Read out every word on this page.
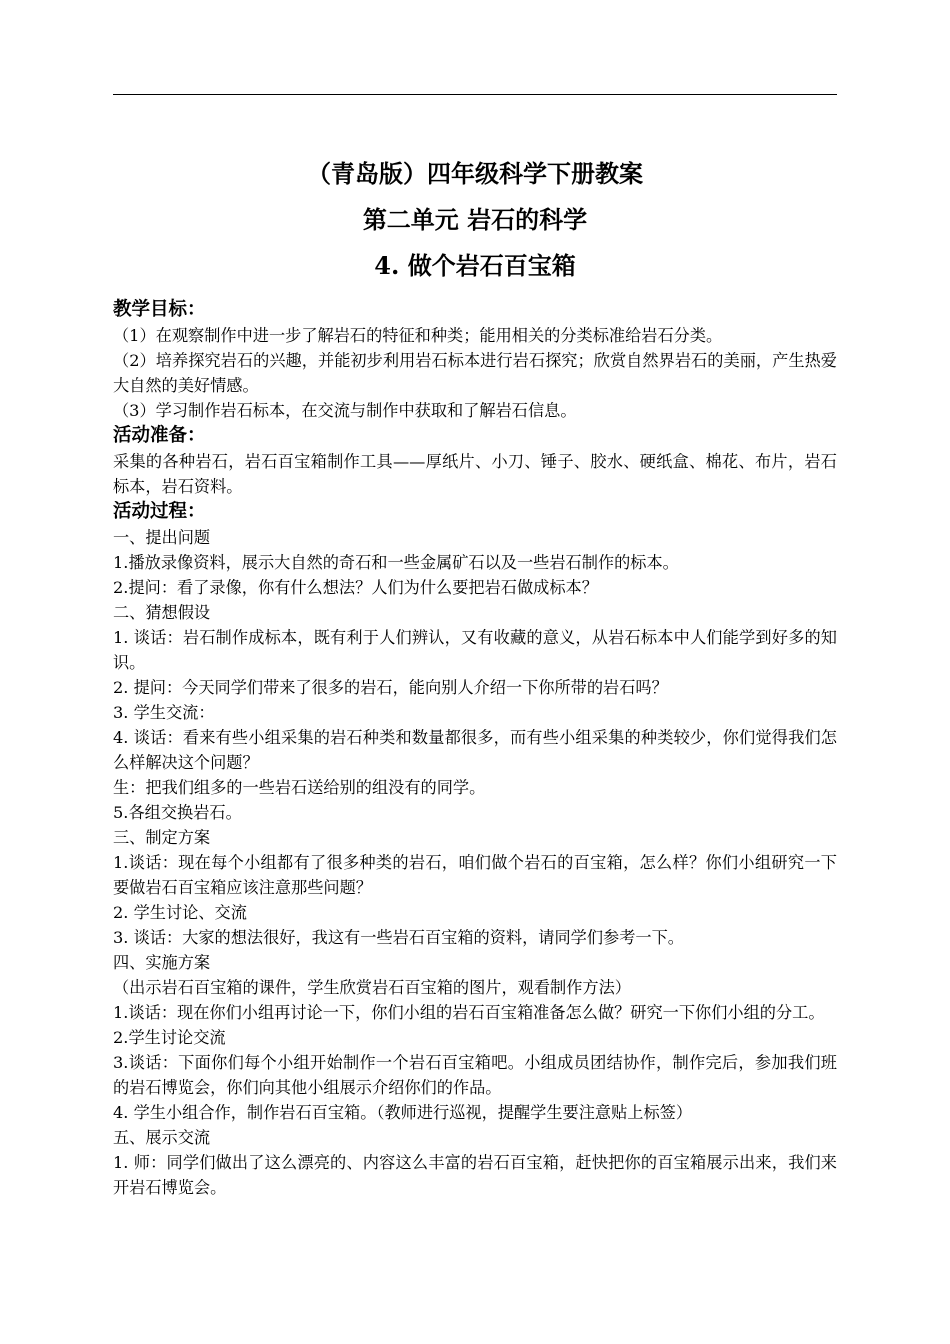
（青岛版）四年级科学下册教案

第二单元 岩石的科学

4. 做个岩石百宝箱

教学目标：

（1）在观察制作中进一步了解岩石的特征和种类；能用相关的分类标准给岩石分类。

（2）培养探究岩石的兴趣，并能初步利用岩石标本进行岩石探究；欣赏自然界岩石的美丽，产生热爱大自然的美好情感。

（3）学习制作岩石标本，在交流与制作中获取和了解岩石信息。

活动准备：

采集的各种岩石，岩石百宝箱制作工具——厚纸片、小刀、锤子、胶水、硬纸盒、棉花、布片，岩石标本，岩石资料。

活动过程：

一、提出问题

1.播放录像资料，展示大自然的奇石和一些金属矿石以及一些岩石制作的标本。

2.提问：看了录像，你有什么想法？人们为什么要把岩石做成标本？

二、猜想假设

1. 谈话：岩石制作成标本，既有利于人们辨认，又有收藏的意义，从岩石标本中人们能学到好多的知识。

2. 提问：今天同学们带来了很多的岩石，能向别人介绍一下你所带的岩石吗？

3. 学生交流：

4. 谈话：看来有些小组采集的岩石种类和数量都很多，而有些小组采集的种类较少，你们觉得我们怎么样解决这个问题？

生：把我们组多的一些岩石送给别的组没有的同学。

5.各组交换岩石。

三、制定方案

1.谈话：现在每个小组都有了很多种类的岩石，咱们做个岩石的百宝箱，怎么样？你们小组研究一下要做岩石百宝箱应该注意那些问题？

2. 学生讨论、交流

3. 谈话：大家的想法很好，我这有一些岩石百宝箱的资料，请同学们参考一下。

四、实施方案

（出示岩石百宝箱的课件，学生欣赏岩石百宝箱的图片，观看制作方法）

1.谈话：现在你们小组再讨论一下，你们小组的岩石百宝箱准备怎么做？研究一下你们小组的分工。

2.学生讨论交流

3.谈话：下面你们每个小组开始制作一个岩石百宝箱吧。小组成员团结协作，制作完后，参加我们班的岩石博览会，你们向其他小组展示介绍你们的作品。

4. 学生小组合作，制作岩石百宝箱。（教师进行巡视，提醒学生要注意贴上标签）

五、展示交流

1. 师：同学们做出了这么漂亮的、内容这么丰富的岩石百宝箱，赶快把你的百宝箱展示出来，我们来开岩石博览会。
